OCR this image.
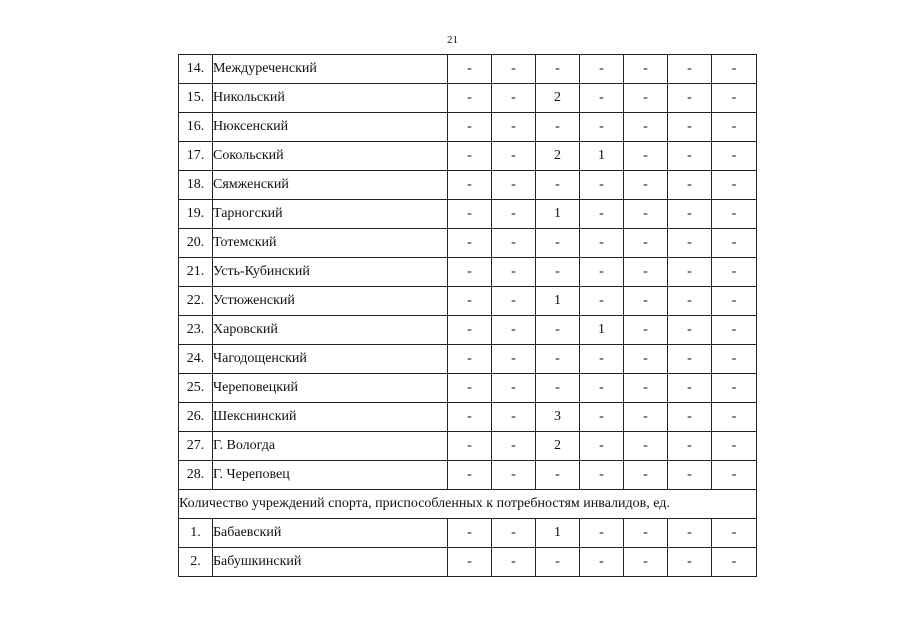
21
14.	Междуреченский	-	-	-	-	-	-	-
15.	Никольский	-	-	2	-	-	-	-
16.	Нюксенский	-	-	-	-	-	-	-
17.	Сокольский	-	-	2	1	-	-	-
18.	Сямженский	-	-	-	-	-	-	-
19.	Тарногский	-	-	1	-	-	-	-
20.	Тотемский	-	-	-	-	-	-	-
21.	Усть-Кубинский	-	-	-	-	-	-	-
22.	Устюженский	-	-	1	-	-	-	-
23.	Харовский	-	-	-	1	-	-	-
24.	Чагодощенский	-	-	-	-	-	-	-
25.	Череповецкий	-	-	-	-	-	-	-
26.	Шекснинский	-	-	3	-	-	-	-
27.	Г. Вологда	-	-	2	-	-	-	-
28.	Г. Череповец	-	-	-	-	-	-	-
Количество учреждений спорта, приспособленных к потребностям инвалидов, ед.								
1.	Бабаевский	-	-	1	-	-	-	-
2.	Бабушкинский	-	-	-	-	-	-	-
